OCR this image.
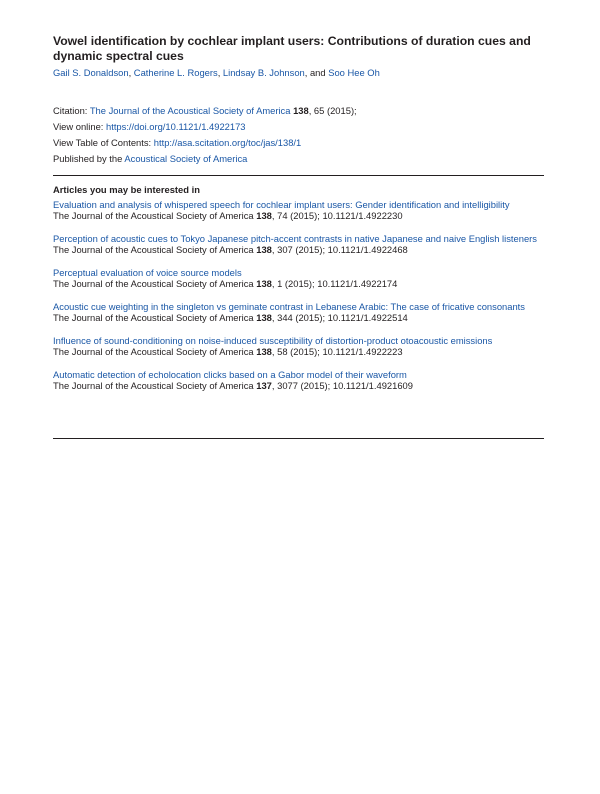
Vowel identification by cochlear implant users: Contributions of duration cues and dynamic spectral cues
Gail S. Donaldson, Catherine L. Rogers, Lindsay B. Johnson, and Soo Hee Oh
Citation: The Journal of the Acoustical Society of America 138, 65 (2015);
View online: https://doi.org/10.1121/1.4922173
View Table of Contents: http://asa.scitation.org/toc/jas/138/1
Published by the Acoustical Society of America
Articles you may be interested in
Evaluation and analysis of whispered speech for cochlear implant users: Gender identification and intelligibility
The Journal of the Acoustical Society of America 138, 74 (2015); 10.1121/1.4922230
Perception of acoustic cues to Tokyo Japanese pitch-accent contrasts in native Japanese and naive English listeners
The Journal of the Acoustical Society of America 138, 307 (2015); 10.1121/1.4922468
Perceptual evaluation of voice source models
The Journal of the Acoustical Society of America 138, 1 (2015); 10.1121/1.4922174
Acoustic cue weighting in the singleton vs geminate contrast in Lebanese Arabic: The case of fricative consonants
The Journal of the Acoustical Society of America 138, 344 (2015); 10.1121/1.4922514
Influence of sound-conditioning on noise-induced susceptibility of distortion-product otoacoustic emissions
The Journal of the Acoustical Society of America 138, 58 (2015); 10.1121/1.4922223
Automatic detection of echolocation clicks based on a Gabor model of their waveform
The Journal of the Acoustical Society of America 137, 3077 (2015); 10.1121/1.4921609
